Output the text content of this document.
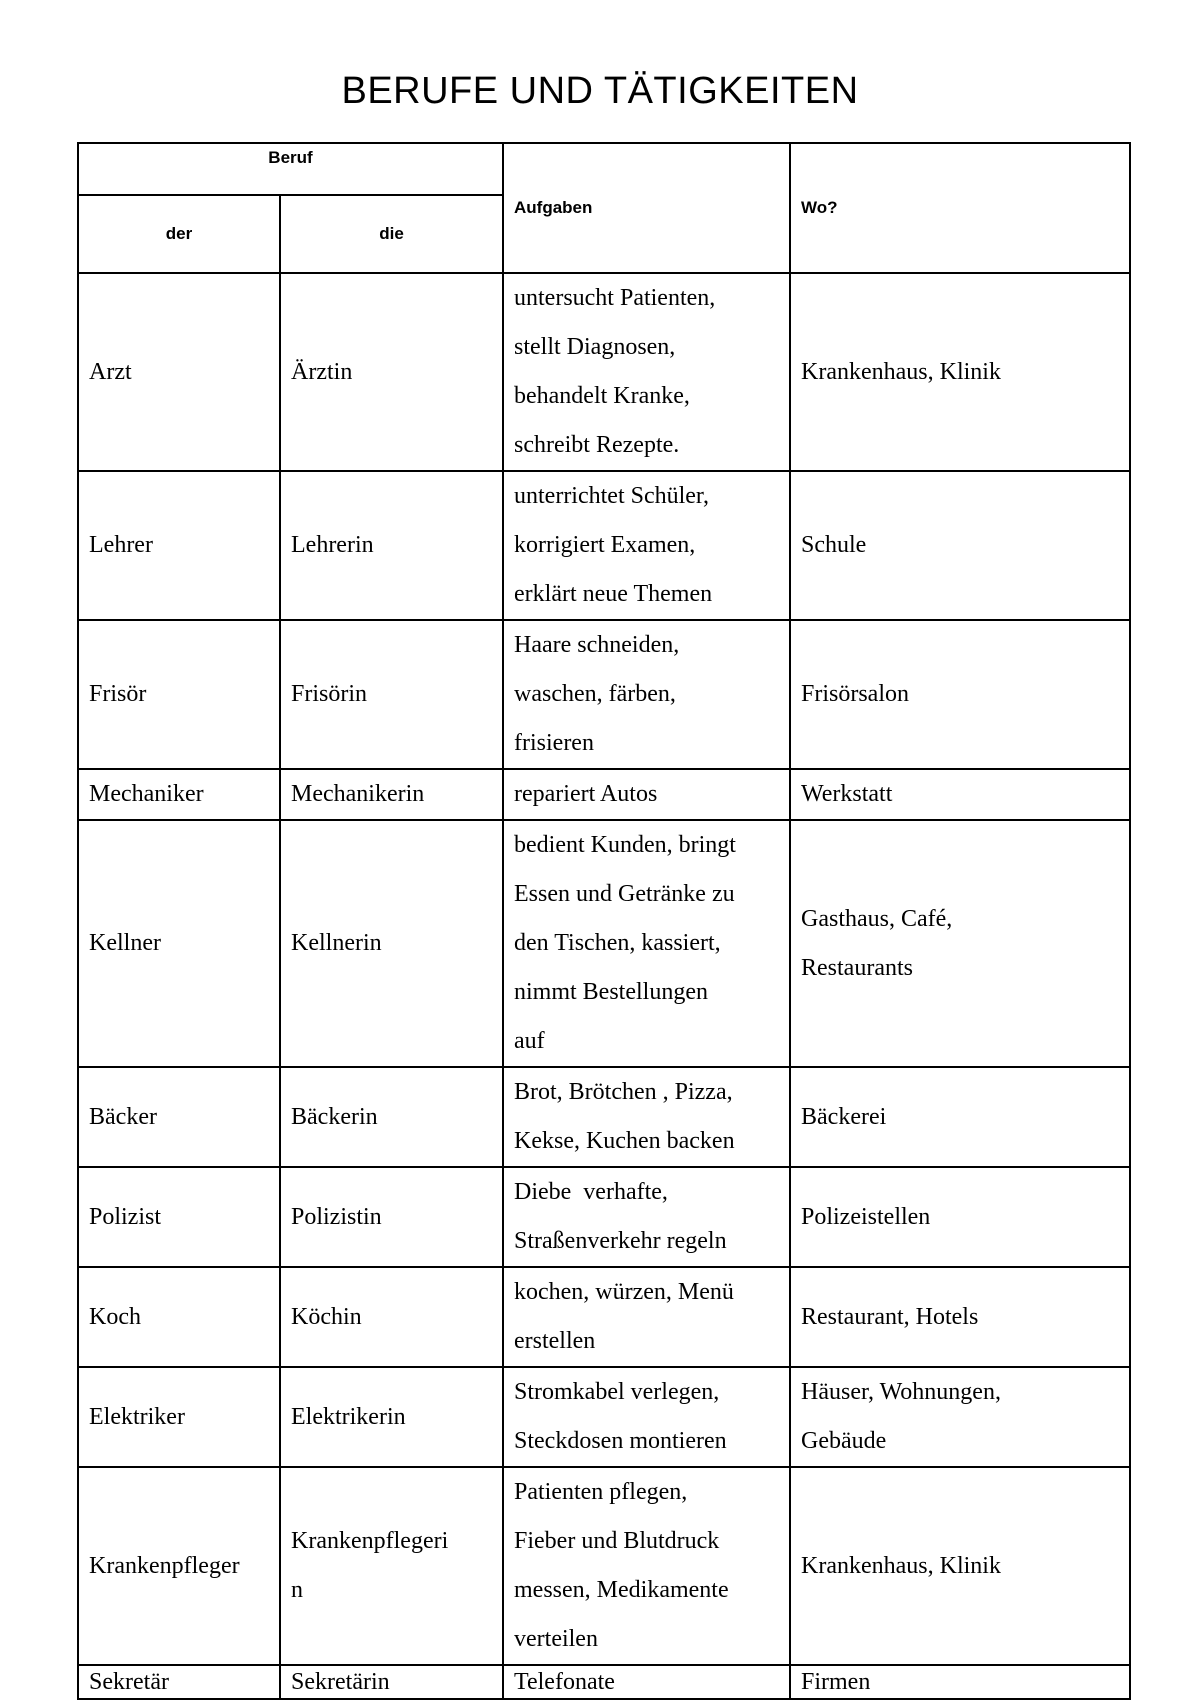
BERUFE UND TÄTIGKEITEN
Beruf		Aufgaben	Wo?
der	die		
Arzt	Ärztin	untersucht Patienten,
stellt Diagnosen,
behandelt Kranke,
schreibt Rezepte.	Krankenhaus, Klinik

Lehrer	Lehrerin	unterrichtet Schüler,
korrigiert Examen,
erklärt neue Themen	Schule

Frisör	Frisörin	Haare schneiden,
waschen, färben,
frisieren	Frisörsalon

Mechaniker	Mechanikerin	repariert Autos	Werkstatt

Kellner	Kellnerin	bedient Kunden, bringt
Essen und Getränke zu
den Tischen, kassiert,
nimmt Bestellungen
auf	Gasthaus, Café,
Restaurants

Bäcker	Bäckerin	Brot, Brötchen , Pizza,
Kekse, Kuchen backen	Bäckerei

Polizist	Polizistin	Diebe  verhafte,
Straßenverkehr regeln	Polizeistellen

Koch	Köchin	kochen, würzen, Menü
erstellen	Restaurant, Hotels

Elektriker	Elektrikerin	Stromkabel verlegen,
Steckdosen montieren	Häuser, Wohnungen,
Gebäude

Krankenpfleger	Krankenpflegeri
n	Patienten pflegen,
Fieber und Blutdruck
messen, Medikamente
verteilen	Krankenhaus, Klinik

Sekretär	Sekretärin	Telefonate	Firmen
